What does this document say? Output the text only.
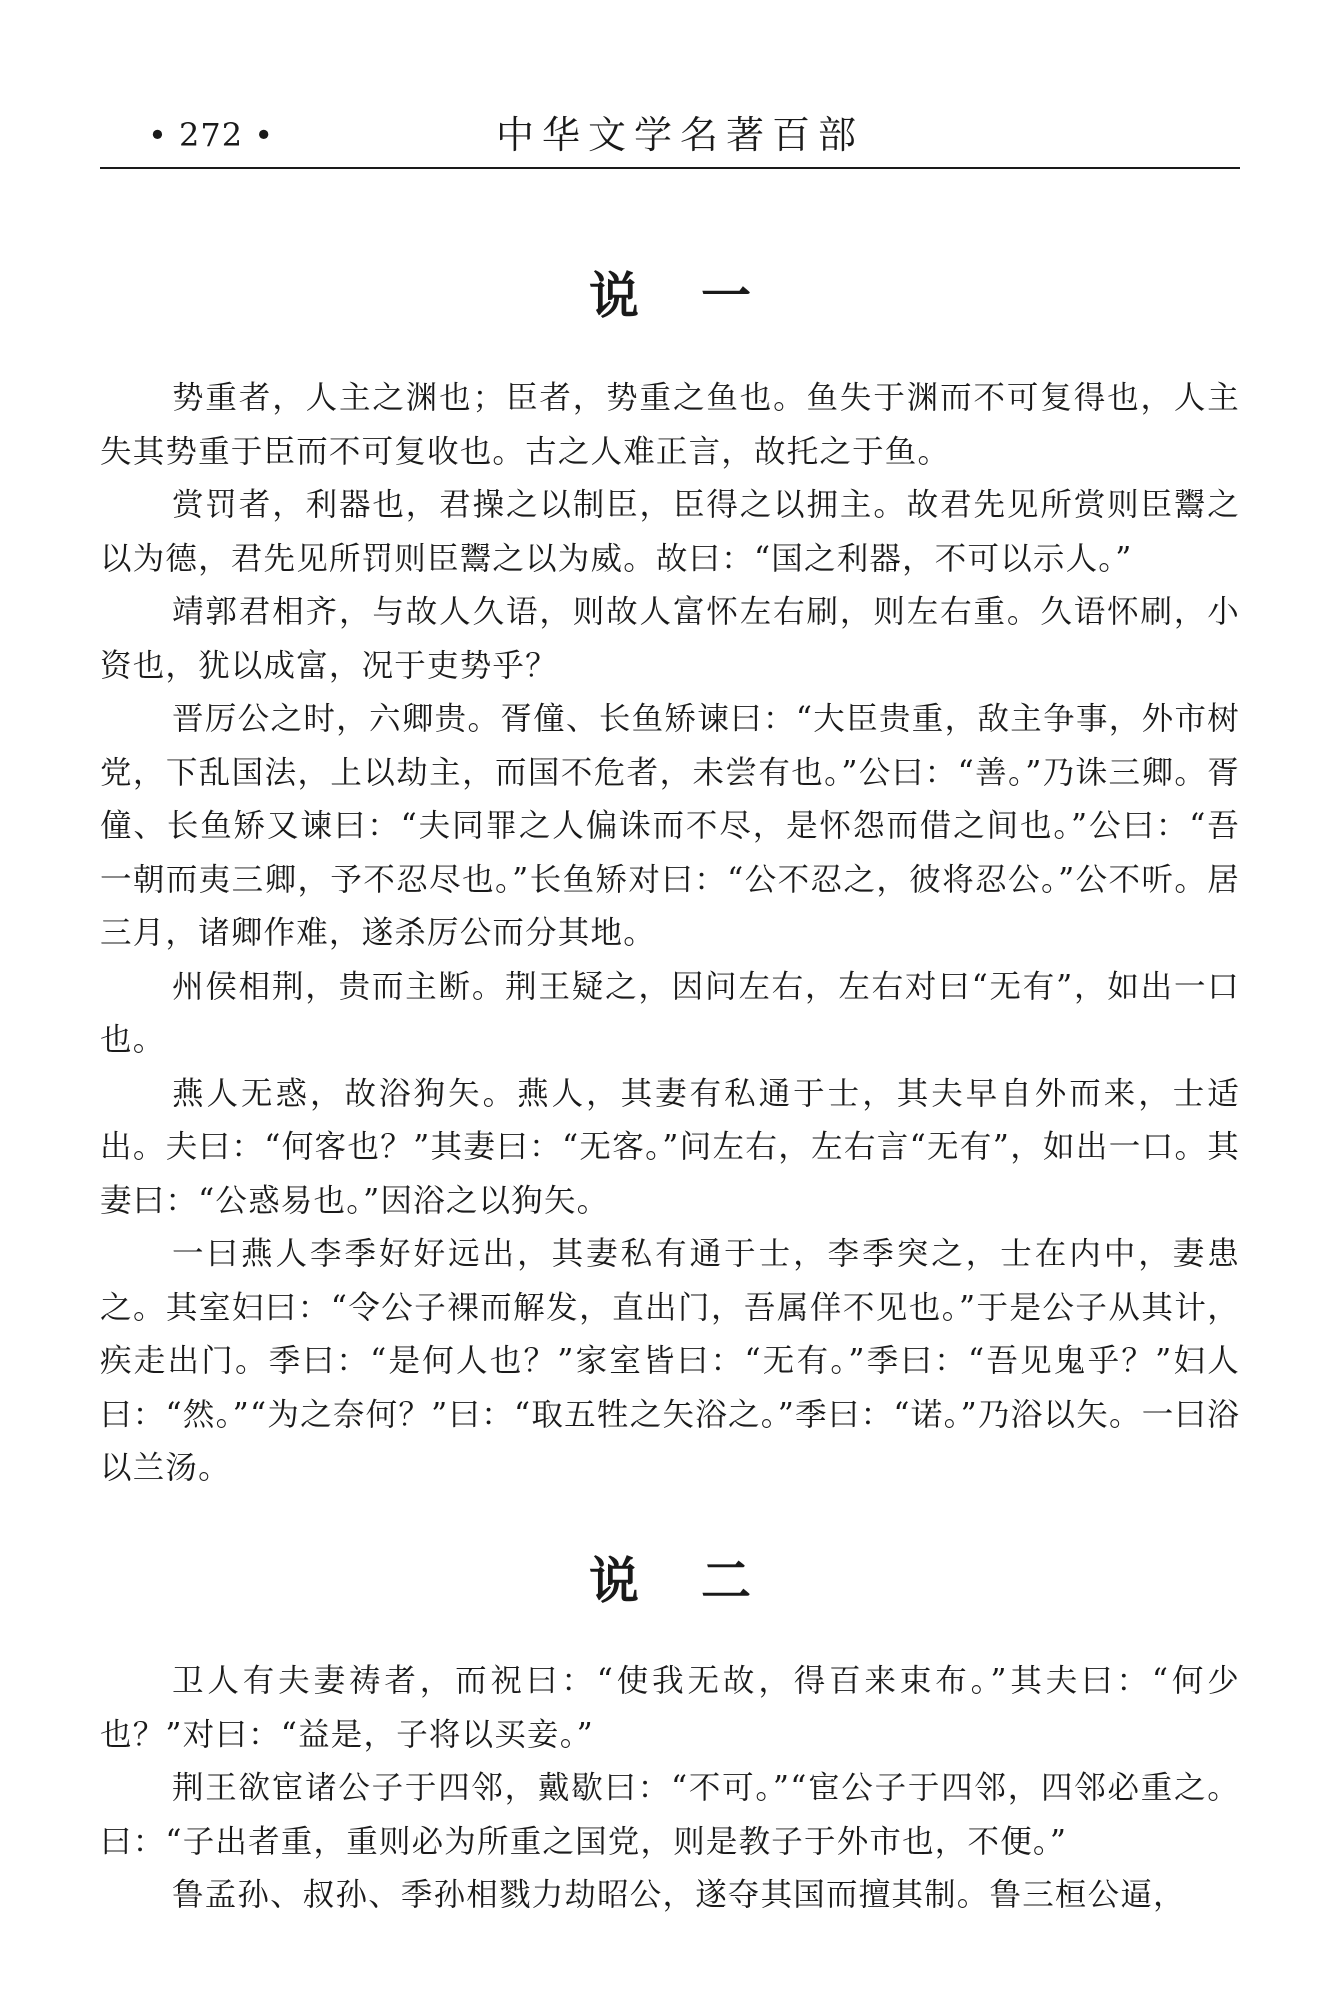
• 272 •	中华文学名著百部
说 一

势重者，人主之渊也；臣者，势重之鱼也。鱼失于渊而不可复得也，人主失其势重于臣而不可复收也。古之人难正言，故托之于鱼。

赏罚者，利器也，君操之以制臣，臣得之以拥主。故君先见所赏则臣鬻之以为德，君先见所罚则臣鬻之以为威。故曰：“国之利器，不可以示人。”

靖郭君相齐，与故人久语，则故人富怀左右刷，则左右重。久语怀刷，小资也，犹以成富，况于吏势乎？

晋厉公之时，六卿贵。胥僮、长鱼矫谏曰：“大臣贵重，敌主争事，外市树党，下乱国法，上以劫主，而国不危者，未尝有也。”公曰：“善。”乃诛三卿。胥僮、长鱼矫又谏曰：“夫同罪之人偏诛而不尽，是怀怨而借之间也。”公曰：“吾一朝而夷三卿，予不忍尽也。”长鱼矫对曰：“公不忍之，彼将忍公。”公不听。居三月，诸卿作难，遂杀厉公而分其地。

州侯相荆，贵而主断。荆王疑之，因问左右，左右对曰“无有”，如出一口也。

燕人无惑，故浴狗矢。燕人，其妻有私通于士，其夫早自外而来，士适出。夫曰：“何客也？”其妻曰：“无客。”问左右，左右言“无有”，如出一口。其妻曰：“公惑易也。”因浴之以狗矢。

一曰燕人李季好好远出，其妻私有通于士，李季突之，士在内中，妻患之。其室妇曰：“令公子裸而解发，直出门，吾属佯不见也。”于是公子从其计，疾走出门。季曰：“是何人也？”家室皆曰：“无有。”季曰：“吾见鬼乎？”妇人曰：“然。”“为之奈何？”曰：“取五牲之矢浴之。”季曰：“诺。”乃浴以矢。一曰浴以兰汤。

说 二

卫人有夫妻祷者，而祝曰：“使我无故，得百来束布。”其夫曰：“何少也？”对曰：“益是，子将以买妾。”

荆王欲宦诸公子于四邻，戴歇曰：“不可。”“宦公子于四邻，四邻必重之。曰：“子出者重，重则必为所重之国党，则是教子于外市也，不便。”

鲁孟孙、叔孙、季孙相戮力劫昭公，遂夺其国而擅其制。鲁三桓公逼，
